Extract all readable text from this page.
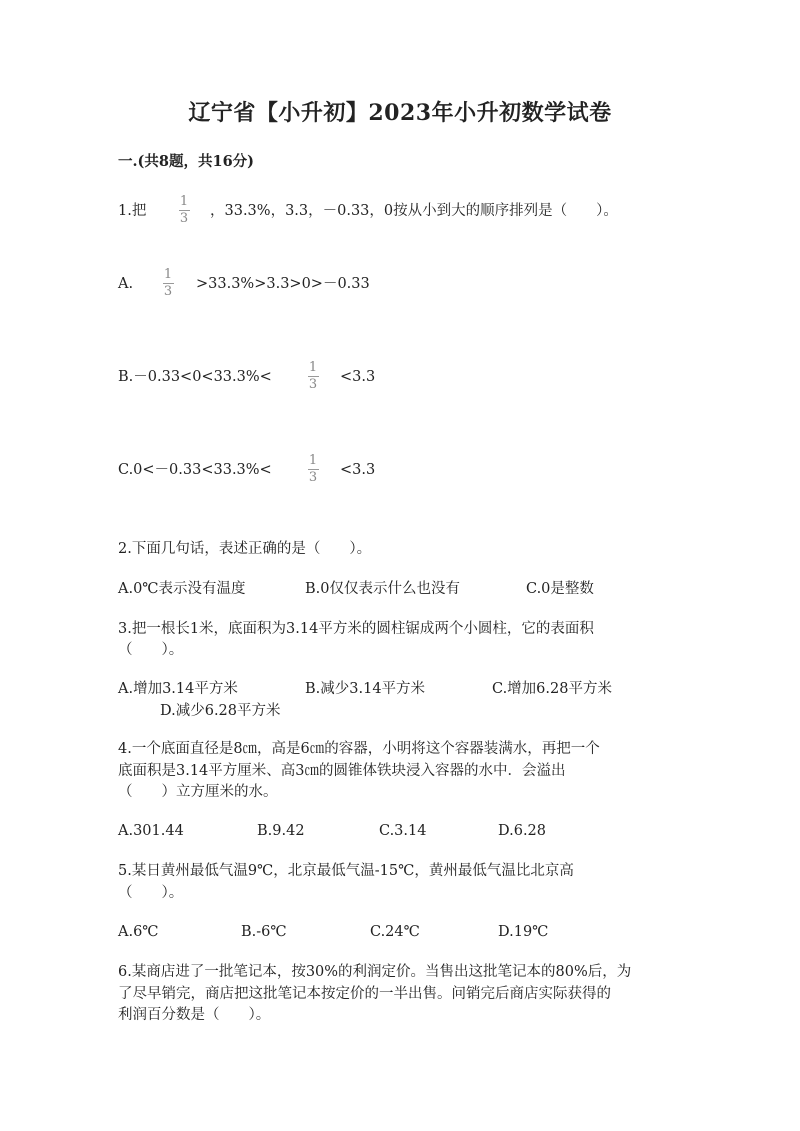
辽宁省【小升初】2023年小升初数学试卷
一.(共8题，共16分)
1.把
1
3 ，33.3%，3.3，－0.33，0按从小到大的顺序排列是（　　）。
A.
1
3 >33.3%>3.3>0>－0.33
B.－0.33<0<33.3%<
1
3 <3.3
C.0<－0.33<33.3%<
1
3 <3.3
2.下面几句话，表述正确的是（　　）。
A.0℃表示没有温度	B.0仅仅表示什么也没有	C.0是整数
3.把一根长1米，底面积为3.14平方米的圆柱锯成两个小圆柱，它的表面积
（　　）。
A.增加3.14平方米	B.减少3.14平方米	C.增加6.28平方米
D.减少6.28平方米
4.一个底面直径是8㎝，高是6㎝的容器，小明将这个容器装满水，再把一个
底面积是3.14平方厘米、高3㎝的圆锥体铁块浸入容器的水中．会溢出
（　　）立方厘米的水。
A.301.44	B.9.42	C.3.14	D.6.28
5.某日黄州最低气温9℃，北京最低气温-15℃，黄州最低气温比北京高
（　　）。
A.6℃	B.-6℃	C.24℃	D.19℃
6.某商店进了一批笔记本，按30%的利润定价。当售出这批笔记本的80%后，为
了尽早销完，商店把这批笔记本按定价的一半出售。问销完后商店实际获得的
利润百分数是（　　）。
